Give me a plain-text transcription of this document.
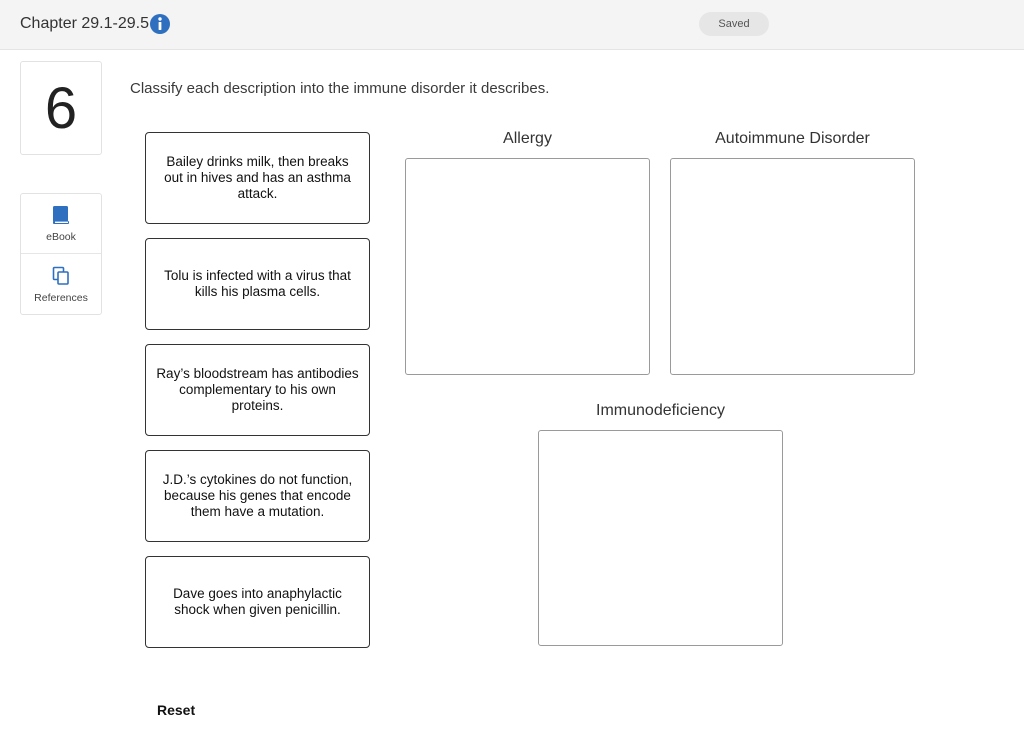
Chapter 29.1-29.5	Saved
6
eBook
References
Classify each description into the immune disorder it describes.
Bailey drinks milk, then breaks out in hives and has an asthma attack.
Tolu is infected with a virus that kills his plasma cells.
Ray’s bloodstream has antibodies complementary to his own proteins.
J.D.’s cytokines do not function, because his genes that encode them have a mutation.
Dave goes into anaphylactic shock when given penicillin.
Allergy	Autoimmune Disorder
Immunodeficiency
Reset
